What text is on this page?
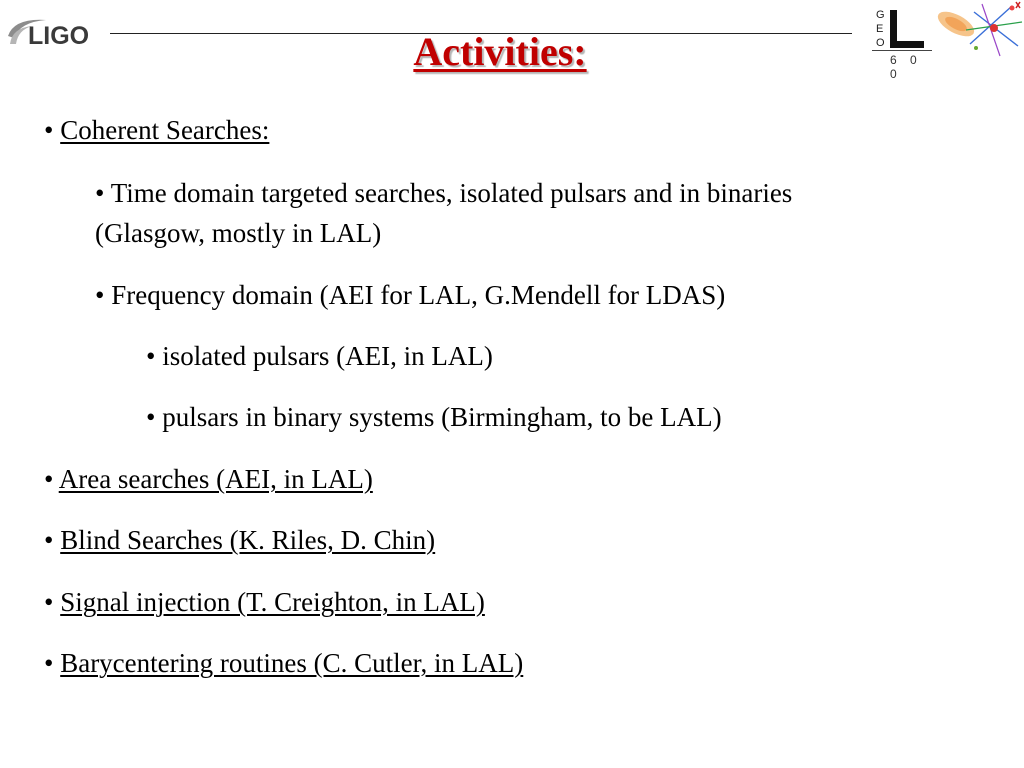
LIGO
G
E
O
6 0 0
Activities:
• Coherent Searches:
• Time domain targeted searches, isolated pulsars and in binaries
(Glasgow, mostly in LAL)
• Frequency domain (AEI for LAL, G.Mendell for LDAS)
• isolated pulsars (AEI, in LAL)
• pulsars in binary systems (Birmingham, to be LAL)
• Area searches (AEI, in LAL)
• Blind Searches (K. Riles, D. Chin)
• Signal injection (T. Creighton, in LAL)
• Barycentering routines (C. Cutler, in LAL)
